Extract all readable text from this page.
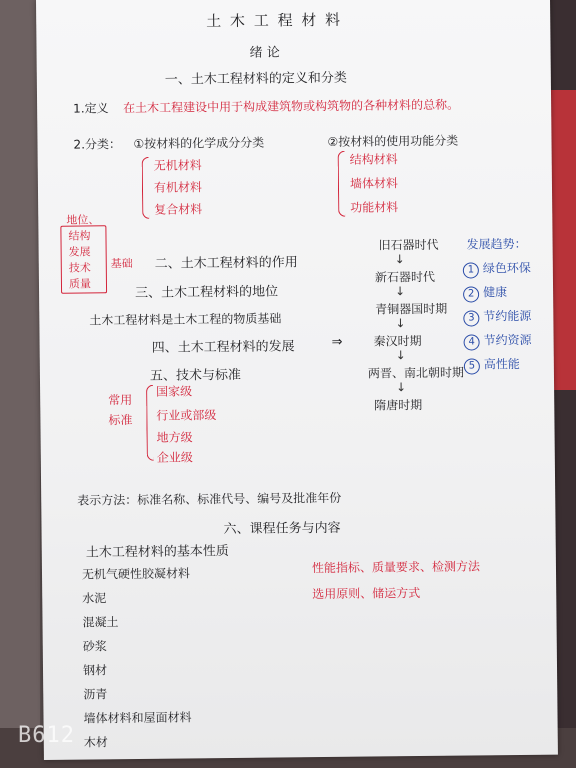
土 木 工 程 材 料
绪 论
一、土木工程材料的定义和分类
1.定义 在土木工程建设中用于构成建筑物或构筑物的各种材料的总称。
2.分类： ①按材料的化学成分分类	②按材料的使用功能分类
无机材料
有机材料
复合材料
结构材料
墙体材料
功能材料
地位、
结构
发展
技术
质量
基础 二、土木工程材料的作用
三、土木工程材料的地位
土木工程材料是土木工程的物质基础
四、土木工程材料的发展	⇒
五、技术与标准
常用
标准
国家级
行业或部级
地方级
企业级
旧石器时代
↓
新石器时代
↓
青铜器国时期
↓
秦汉时期
↓
两晋、南北朝时期
↓
隋唐时期
发展趋势：
1 绿色环保
2 健康
3 节约能源
4 节约资源
5 高性能
表示方法：标准名称、标准代号、编号及批准年份
六、课程任务与内容
土木工程材料的基本性质
无机气硬性胶凝材料
水泥
混凝土
砂浆
钢材
沥青
墙体材料和屋面材料
木材
性能指标、质量要求、检测方法
选用原则、储运方式
B612
